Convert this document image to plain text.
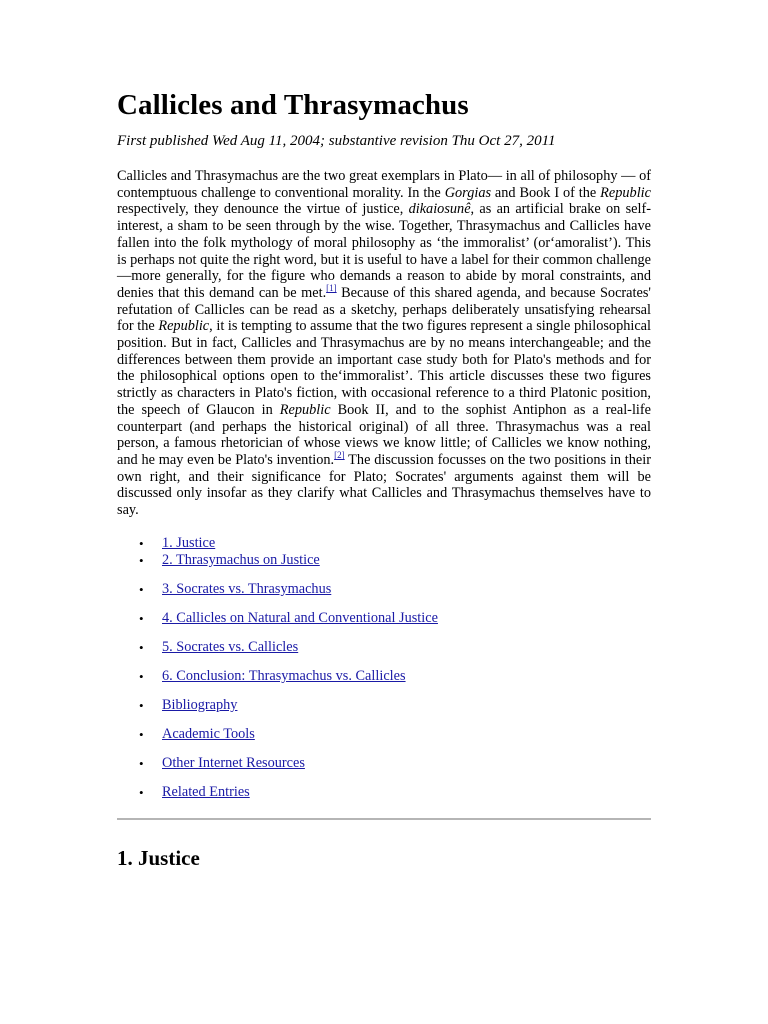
Callicles and Thrasymachus

First published Wed Aug 11, 2004; substantive revision Thu Oct 27, 2011

Callicles and Thrasymachus are the two great exemplars in Plato— in all of philosophy — of contemptuous challenge to conventional morality. In the Gorgias and Book I of the Republic respectively, they denounce the virtue of justice, dikaiosunê, as an artificial brake on self-interest, a sham to be seen through by the wise. Together, Thrasymachus and Callicles have fallen into the folk mythology of moral philosophy as ‘the immoralist’ (or‘amoralist’). This is perhaps not quite the right word, but it is useful to have a label for their common challenge —more generally, for the figure who demands a reason to abide by moral constraints, and denies that this demand can be met.[1] Because of this shared agenda, and because Socrates' refutation of Callicles can be read as a sketchy, perhaps deliberately unsatisfying rehearsal for the Republic, it is tempting to assume that the two figures represent a single philosophical position. But in fact, Callicles and Thrasymachus are by no means interchangeable; and the differences between them provide an important case study both for Plato's methods and for the philosophical options open to the‘immoralist’. This article discusses these two figures strictly as characters in Plato's fiction, with occasional reference to a third Platonic position, the speech of Glaucon in Republic Book II, and to the sophist Antiphon as a real-life counterpart (and perhaps the historical original) of all three. Thrasymachus was a real person, a famous rhetorician of whose views we know little; of Callicles we know nothing, and he may even be Plato's invention.[2] The discussion focusses on the two positions in their own right, and their significance for Plato; Socrates' arguments against them will be discussed only insofar as they clarify what Callicles and Thrasymachus themselves have to say.

• 1. Justice
• 2. Thrasymachus on Justice
• 3. Socrates vs. Thrasymachus
• 4. Callicles on Natural and Conventional Justice
• 5. Socrates vs. Callicles
• 6. Conclusion: Thrasymachus vs. Callicles
• Bibliography
• Academic Tools
• Other Internet Resources
• Related Entries
1. Justice
